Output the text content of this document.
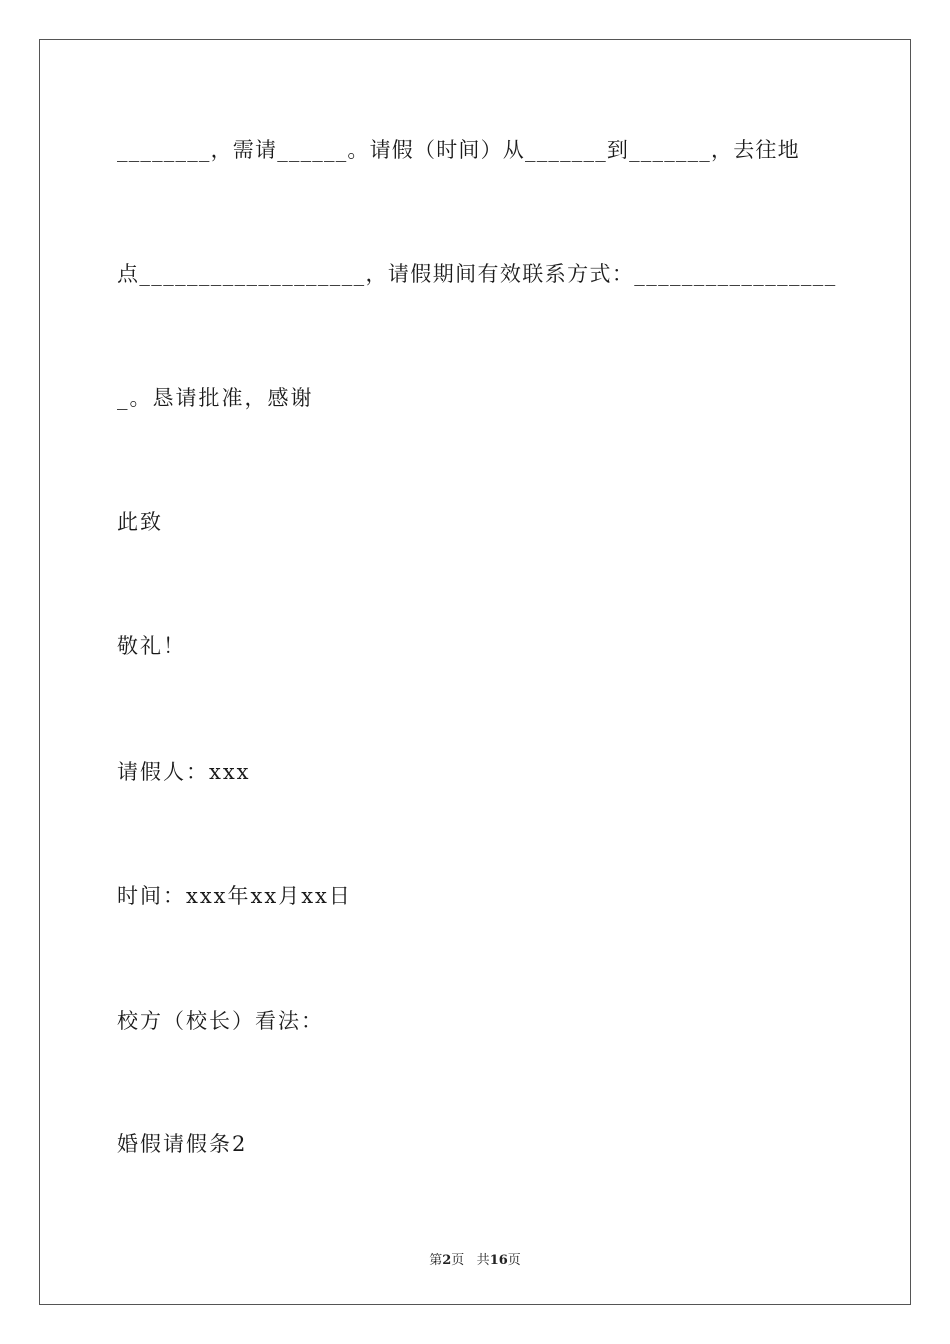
________，需请______。请假（时间）从_______到_______，去往地
点___________________，请假期间有效联系方式：_________________
_。恳请批准，感谢
此致
敬礼！
请假人：xxx
时间：xxx年xx月xx日
校方（校长）看法：
婚假请假条2
第2页 共16页
